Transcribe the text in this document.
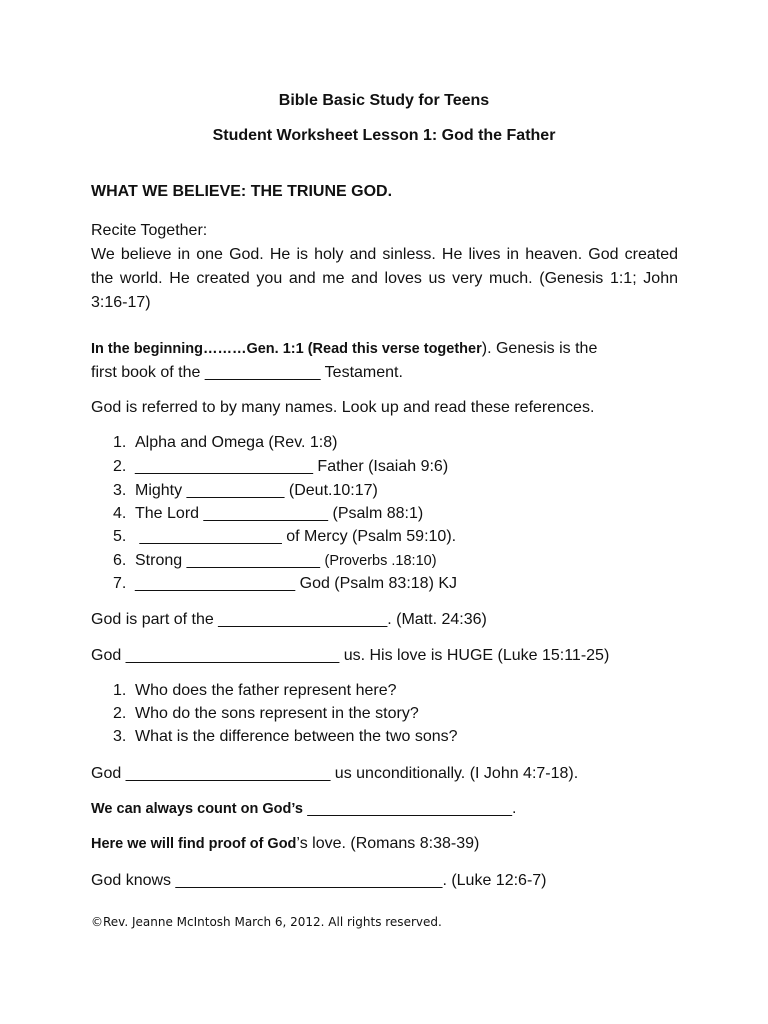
Bible Basic Study for Teens
Student Worksheet Lesson 1: God the Father
WHAT WE BELIEVE: THE TRIUNE GOD.
Recite Together:
We believe in one God. He is holy and sinless. He lives in heaven. God created the world. He created you and me and loves us very much. (Genesis 1:1; John 3:16-17)
In the beginning………Gen. 1:1 (Read this verse together). Genesis is the
first book of the _____________ Testament.
God is referred to by many names. Look up and read these references.
1. Alpha and Omega (Rev. 1:8)
2. ____________________ Father (Isaiah 9:6)
3. Mighty ___________ (Deut.10:17)
4. The Lord ______________ (Psalm 88:1)
5. ________________ of Mercy (Psalm 59:10).
6. Strong _______________ (Proverbs .18:10)
7. __________________ God (Psalm 83:18) KJ
God is part of the ___________________. (Matt. 24:36)
God ________________________ us. His love is HUGE (Luke 15:11-25)
1. Who does the father represent here?
2. Who do the sons represent in the story?
3. What is the difference between the two sons?
God _______________________ us unconditionally. (I John 4:7-18).
We can always count on God’s _______________________.
Here we will find proof of God’s love. (Romans 8:38-39)
God knows ______________________________. (Luke 12:6-7)
©Rev. Jeanne McIntosh March 6, 2012. All rights reserved.
